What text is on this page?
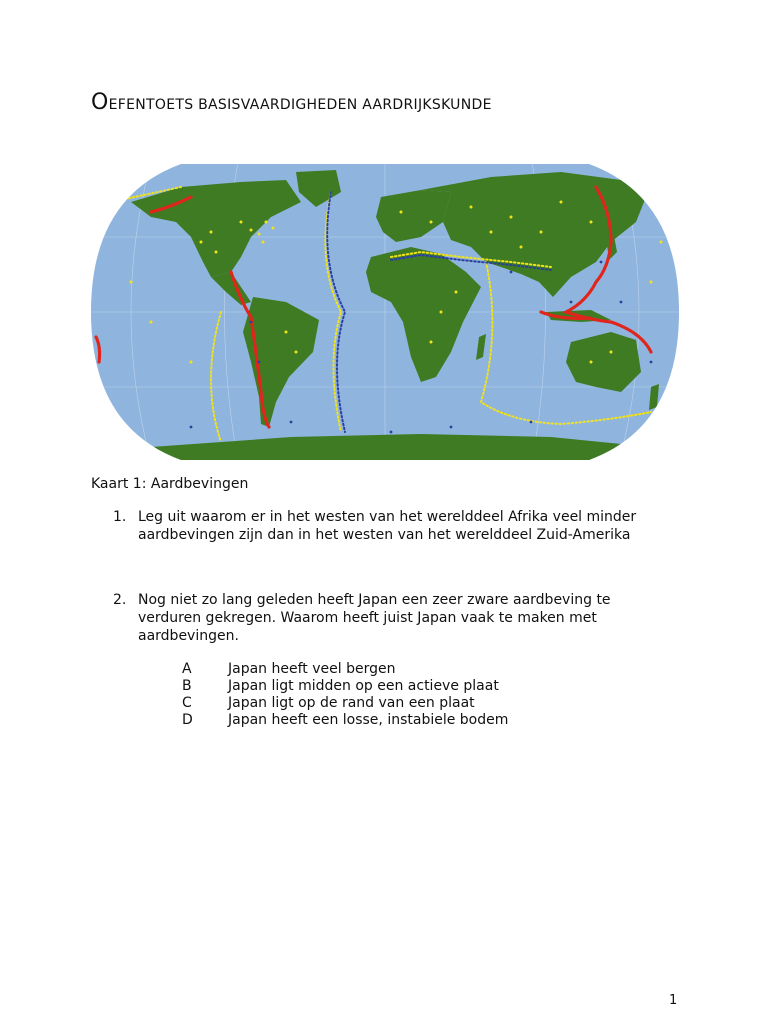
OEFENTOETS BASISVAARDIGHEDEN AARDRIJKSKUNDE

Kaart 1: Aardbevingen

1. Leg uit waarom er in het westen van het werelddeel Afrika veel minder aardbevingen zijn dan in het westen van het werelddeel Zuid-Amerika
2. Nog niet zo lang geleden heeft Japan een zeer zware aardbeving te verduren gekregen. Waarom heeft juist Japan vaak te maken met aardbevingen.
A	Japan heeft veel bergen
B	Japan ligt midden op een actieve plaat
C	Japan ligt op de rand van een plaat
D	Japan heeft een losse, instabiele bodem
1
